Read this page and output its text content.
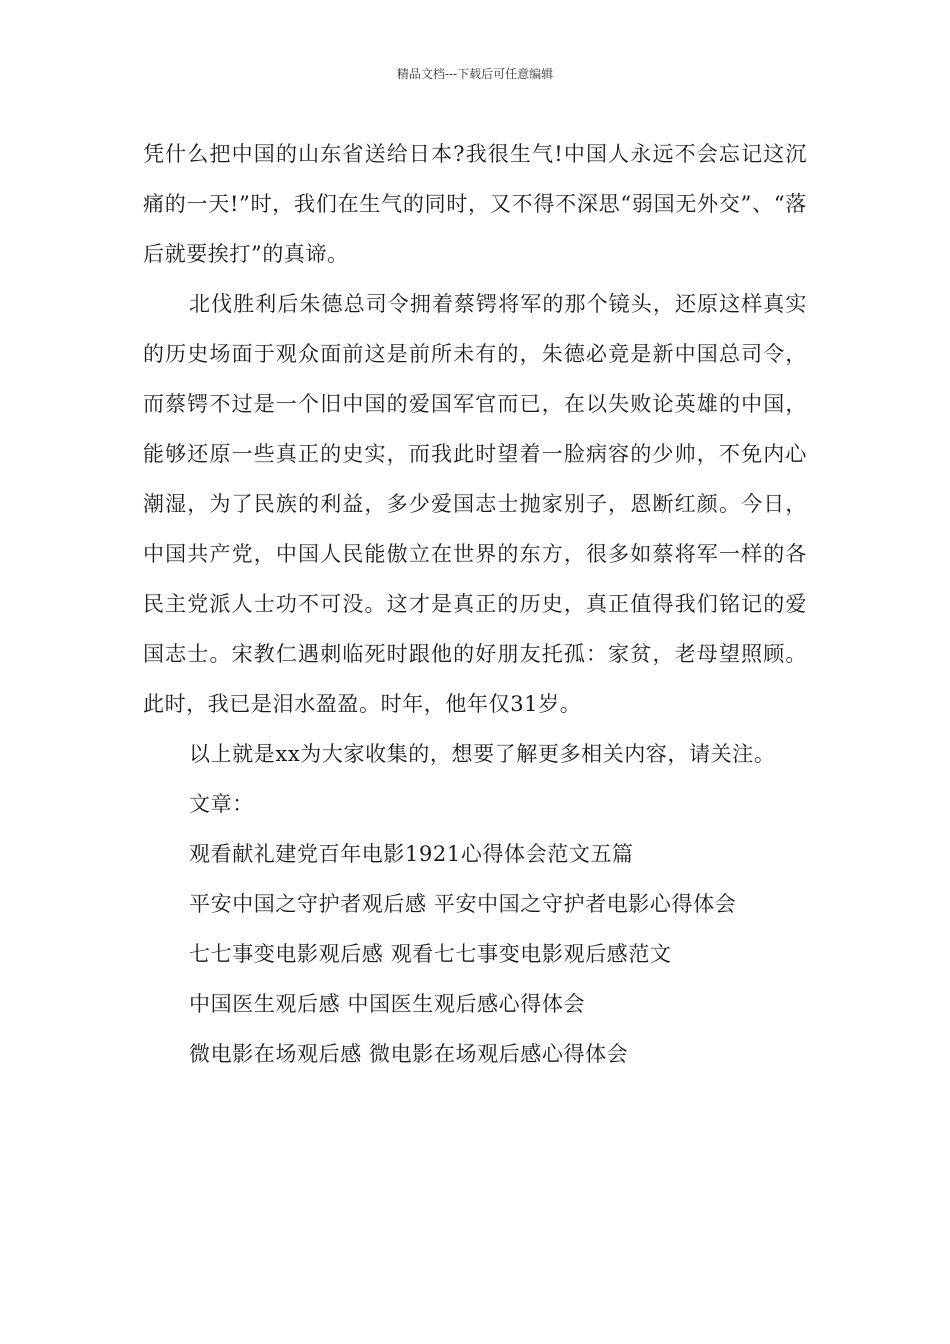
精品文档---下载后可任意编辑

凭什么把中国的山东省送给日本?我很生气!中国人永远不会忘记这沉痛的一天!”时，我们在生气的同时，又不得不深思“弱国无外交”、“落后就要挨打”的真谛。

北伐胜利后朱德总司令拥着蔡锷将军的那个镜头，还原这样真实的历史场面于观众面前这是前所未有的，朱德必竟是新中国总司令，而蔡锷不过是一个旧中国的爱国军官而已，在以失败论英雄的中国，能够还原一些真正的史实，而我此时望着一脸病容的少帅，不免内心潮湿，为了民族的利益，多少爱国志士抛家别子，恩断红颜。今日，中国共产党，中国人民能傲立在世界的东方，很多如蔡将军一样的各民主党派人士功不可没。这才是真正的历史，真正值得我们铭记的爱国志士。宋教仁遇刺临死时跟他的好朋友托孤：家贫，老母望照顾。此时，我已是泪水盈盈。时年，他年仅31岁。

以上就是xx为大家收集的，想要了解更多相关内容，请关注。

文章：

观看献礼建党百年电影1921心得体会范文五篇
平安中国之守护者观后感 平安中国之守护者电影心得体会
七七事变电影观后感 观看七七事变电影观后感范文
中国医生观后感 中国医生观后感心得体会
微电影在场观后感 微电影在场观后感心得体会
